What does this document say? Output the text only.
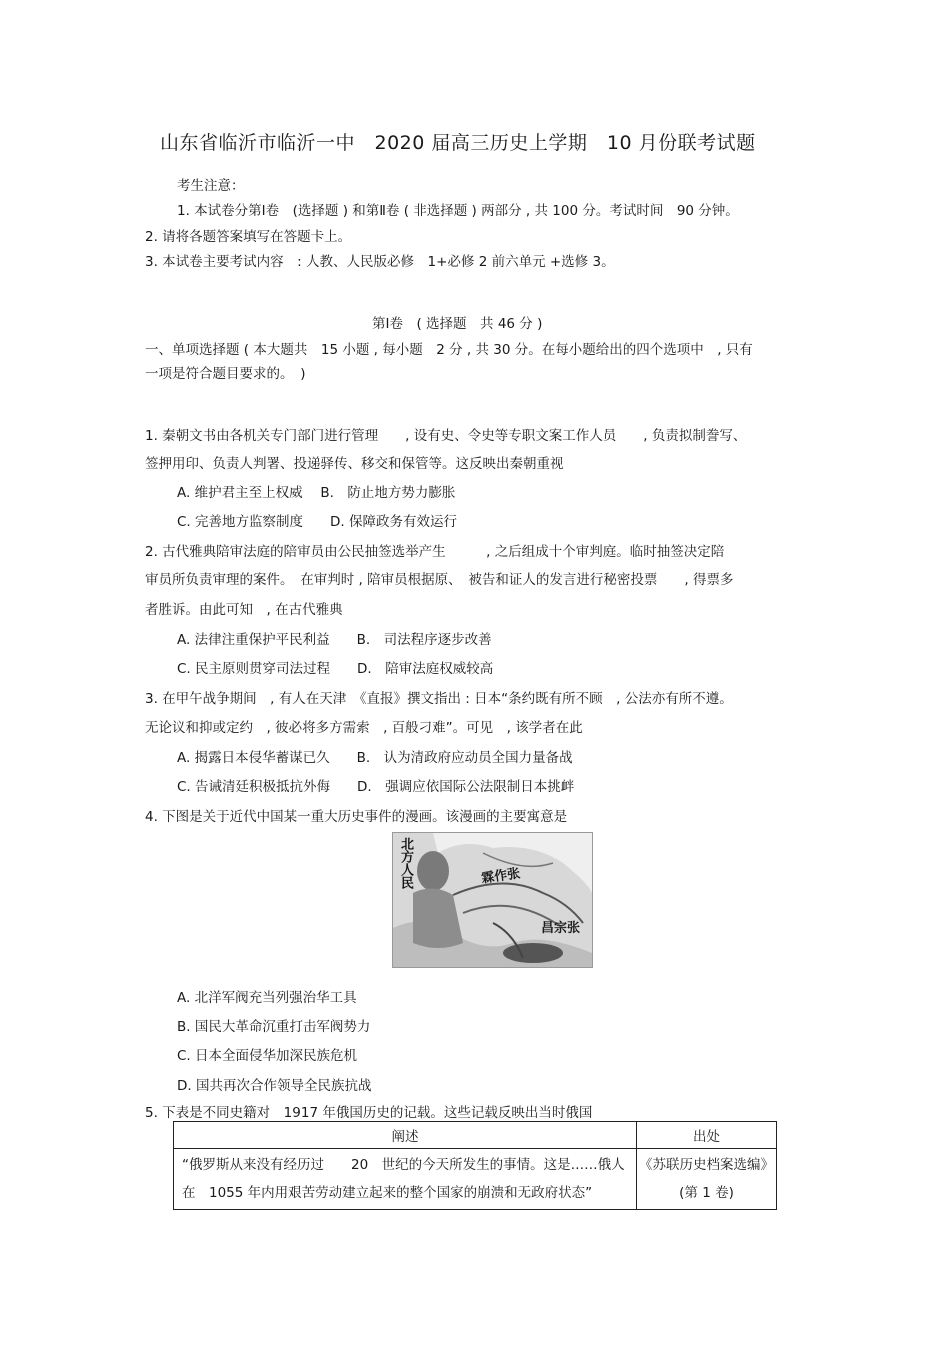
山东省临沂市临沂一中　2020 届高三历史上学期　10 月份联考试题
考生注意：
1. 本试卷分第Ⅰ卷　(选择题 ) 和第Ⅱ卷 ( 非选择题 ) 两部分 , 共 100 分。考试时间　90 分钟。
2. 请将各题答案填写在答题卡上。
3. 本试卷主要考试内容　: 人教、人民版必修　1+必修 2 前六单元 +选修 3。
第Ⅰ卷　( 选择题　共 46 分 )
一、单项选择题 ( 本大题共　15 小题 , 每小题　2 分 , 共 30 分。在每小题给出的四个选项中　, 只有
一项是符合题目要求的。　)
1. 秦朝文书由各机关专门部门进行管理　　, 设有史、令史等专职文案工作人员　　, 负责拟制誊写、
签押用印、负责人判署、投递驿传、移交和保管等。这反映出秦朝重视
A. 维护君主至上权威　 B.　防止地方势力膨胀
C. 完善地方监察制度　　D. 保障政务有效运行
2. 古代雅典陪审法庭的陪审员由公民抽签选举产生　　　, 之后组成十个审判庭。临时抽签决定陪
审员所负责审理的案件。　在审判时 , 陪审员根据原、　被告和证人的发言进行秘密投票　　, 得票多
者胜诉。由此可知　, 在古代雅典
A. 法律注重保护平民利益　　B.　司法程序逐步改善
C. 民主原则贯穿司法过程　　D.　陪审法庭权威较高
3. 在甲午战争期间　, 有人在天津　《直报》撰文指出 : 日本“条约既有所不顾　, 公法亦有所不遵。
无论议和抑或定约　, 彼必将多方需索　, 百般刁难”。可见　, 该学者在此
A. 揭露日本侵华蓄谋已久　　B.　认为清政府应动员全国力量备战
C. 告诫清廷积极抵抗外侮　　D.　强调应依国际公法限制日本挑衅
4. 下图是关于近代中国某一重大历史事件的漫画。该漫画的主要寓意是
北方人民	霖作张
昌宗张
A. 北洋军阀充当列强治华工具
B. 国民大革命沉重打击军阀势力
C. 日本全面侵华加深民族危机
D. 国共再次合作领导全民族抗战
5. 下表是不同史籍对　1917 年俄国历史的记载。这些记载反映出当时俄国
阐述	出处
“俄罗斯从来没有经历过　　20　世纪的今天所发生的事情。这是……俄人在　1055 年内用艰苦劳动建立起来的整个国家的崩溃和无政府状态”	《苏联历史档案选编》 (第 1 卷)
